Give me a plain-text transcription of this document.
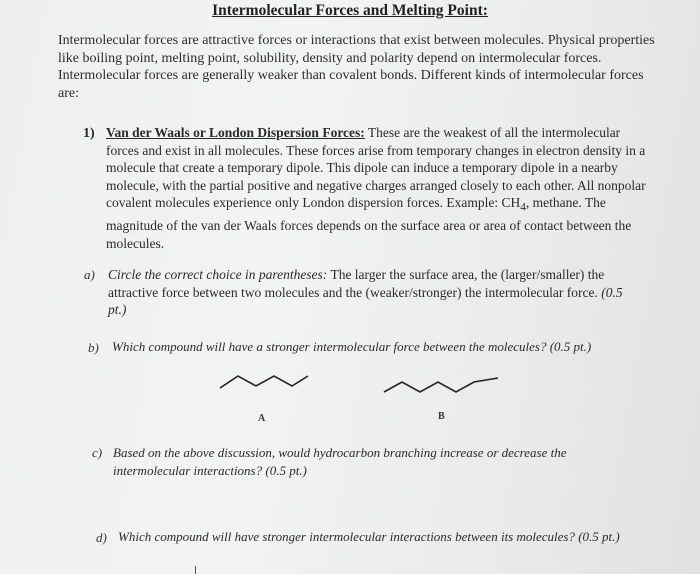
Intermolecular Forces and Melting Point:
Intermolecular forces are attractive forces or interactions that exist between molecules. Physical properties like boiling point, melting point, solubility, density and polarity depend on intermolecular forces. Intermolecular forces are generally weaker than covalent bonds. Different kinds of intermolecular forces are:
1) Van der Waals or London Dispersion Forces: These are the weakest of all the intermolecular forces and exist in all molecules. These forces arise from temporary changes in electron density in a molecule that create a temporary dipole. This dipole can induce a temporary dipole in a nearby molecule, with the partial positive and negative charges arranged closely to each other. All nonpolar covalent molecules experience only London dispersion forces. Example: $CH_4$, methane. The magnitude of the van der Waals forces depends on the surface area or area of contact between the molecules.
a) Circle the correct choice in parentheses: The larger the surface area, the (larger/smaller) the attractive force between two molecules and the (weaker/stronger) the intermolecular force. (0.5 pt.)
b) Which compound will have a stronger intermolecular force between the molecules? (0.5 pt.)
A	B
c) Based on the above discussion, would hydrocarbon branching increase or decrease the intermolecular interactions? (0.5 pt.)
d) Which compound will have stronger intermolecular interactions between its molecules? (0.5 pt.)
